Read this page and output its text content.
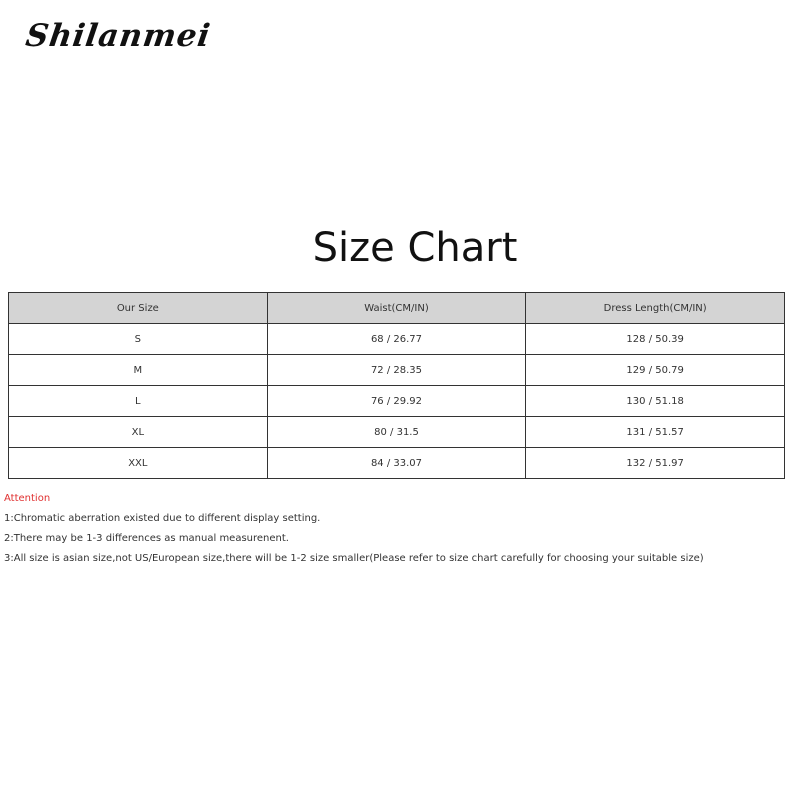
Shilanmei
Size Chart
Our Size	Waist(CM/IN)	Dress Length(CM/IN)
S	68 / 26.77	128 / 50.39
M	72 / 28.35	129 / 50.79
L	76 / 29.92	130 / 51.18
XL	80 / 31.5	131 / 51.57
XXL	84 / 33.07	132 / 51.97
Attention
1:Chromatic aberration existed due to different display setting.
2:There may be 1-3 differences as manual measurenent.
3:All size is asian size,not US/European size,there will be 1-2 size smaller(Please refer to size chart carefully for choosing your suitable size)
